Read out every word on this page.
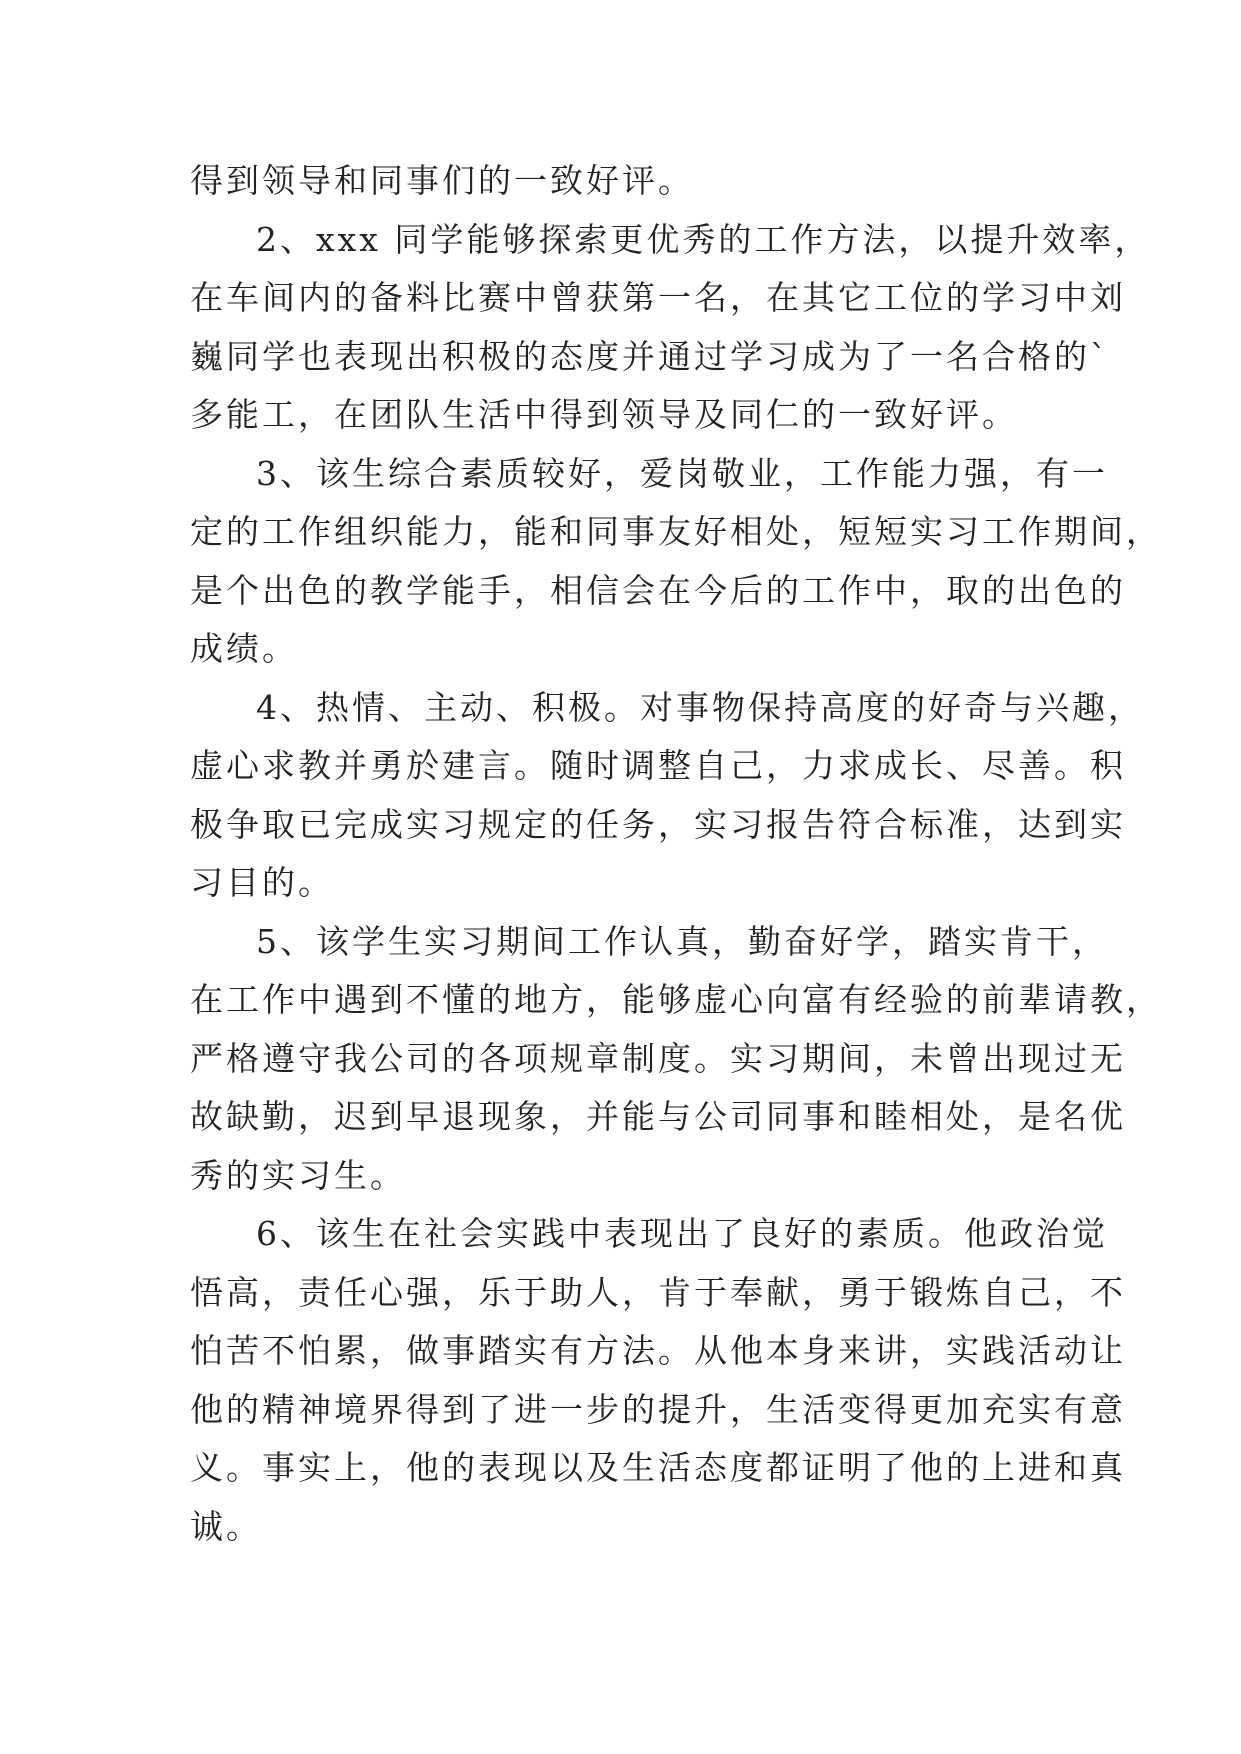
得到领导和同事们的一致好评。
2、xxx 同学能够探索更优秀的工作方法，以提升效率，
在车间内的备料比赛中曾获第一名，在其它工位的学习中刘
巍同学也表现出积极的态度并通过学习成为了一名合格的`
多能工，在团队生活中得到领导及同仁的一致好评。
3、该生综合素质较好，爱岗敬业，工作能力强，有一
定的工作组织能力，能和同事友好相处，短短实习工作期间，
是个出色的教学能手，相信会在今后的工作中，取的出色的
成绩。
4、热情、主动、积极。对事物保持高度的好奇与兴趣，
虚心求教并勇於建言。随时调整自己，力求成长、尽善。积
极争取已完成实习规定的任务，实习报告符合标准，达到实
习目的。
5、该学生实习期间工作认真，勤奋好学，踏实肯干，
在工作中遇到不懂的地方，能够虚心向富有经验的前辈请教，
严格遵守我公司的各项规章制度。实习期间，未曾出现过无
故缺勤，迟到早退现象，并能与公司同事和睦相处，是名优
秀的实习生。
6、该生在社会实践中表现出了良好的素质。他政治觉
悟高，责任心强，乐于助人，肯于奉献，勇于锻炼自己，不
怕苦不怕累，做事踏实有方法。从他本身来讲，实践活动让
他的精神境界得到了进一步的提升，生活变得更加充实有意
义。事实上，他的表现以及生活态度都证明了他的上进和真
诚。
